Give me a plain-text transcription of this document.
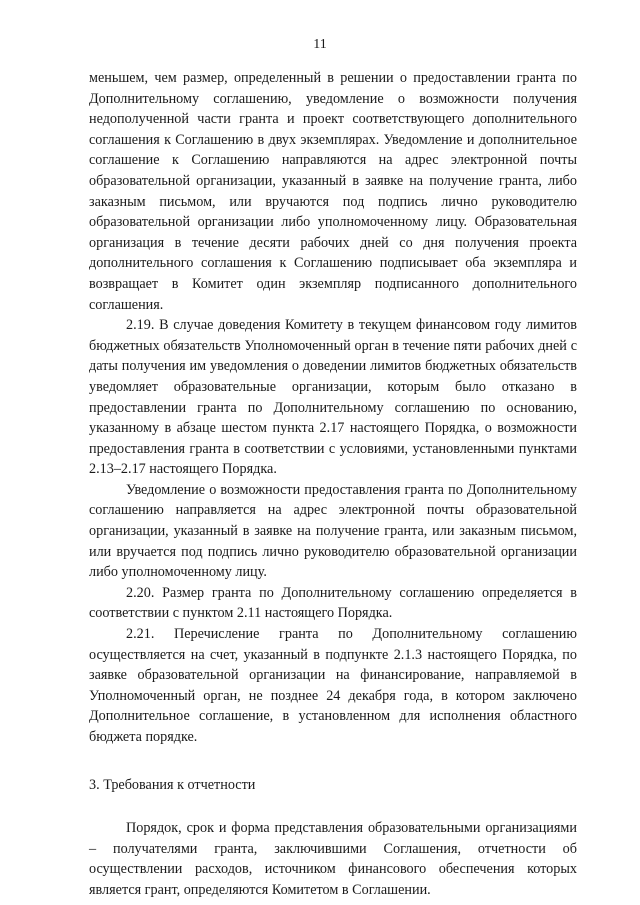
11

меньшем, чем размер, определенный в решении о предоставлении гранта по Дополнительному соглашению, уведомление о возможности получения недополученной части гранта и проект соответствующего дополнительного соглашения к Соглашению в двух экземплярах. Уведомление и дополнительное соглашение к Соглашению направляются на адрес электронной почты образовательной организации, указанный в заявке на получение гранта, либо заказным письмом, или вручаются под подпись лично руководителю образовательной организации либо уполномоченному лицу. Образовательная организация в течение десяти рабочих дней со дня получения проекта дополнительного соглашения к Соглашению подписывает оба экземпляра и возвращает в Комитет один экземпляр подписанного дополнительного соглашения.

2.19. В случае доведения Комитету в текущем финансовом году лимитов бюджетных обязательств Уполномоченный орган в течение пяти рабочих дней с даты получения им уведомления о доведении лимитов бюджетных обязательств уведомляет образовательные организации, которым было отказано в предоставлении гранта по Дополнительному соглашению по основанию, указанному в абзаце шестом пункта 2.17 настоящего Порядка, о возможности предоставления гранта в соответствии с условиями, установленными пунктами 2.13–2.17 настоящего Порядка.

Уведомление о возможности предоставления гранта по Дополнительному соглашению направляется на адрес электронной почты образовательной организации, указанный в заявке на получение гранта, или заказным письмом, или вручается под подпись лично руководителю образовательной организации либо уполномоченному лицу.

2.20. Размер гранта по Дополнительному соглашению определяется в соответствии с пунктом 2.11 настоящего Порядка.

2.21. Перечисление гранта по Дополнительному соглашению осуществляется на счет, указанный в подпункте 2.1.3 настоящего Порядка, по заявке образовательной организации на финансирование, направляемой в Уполномоченный орган, не позднее 24 декабря года, в котором заключено Дополнительное соглашение, в установленном для исполнения областного бюджета порядке.

3. Требования к отчетности

Порядок, срок и форма представления образовательными организациями – получателями гранта, заключившими Соглашения, отчетности об осуществлении расходов, источником финансового обеспечения которых является грант, определяются Комитетом в Соглашении.
